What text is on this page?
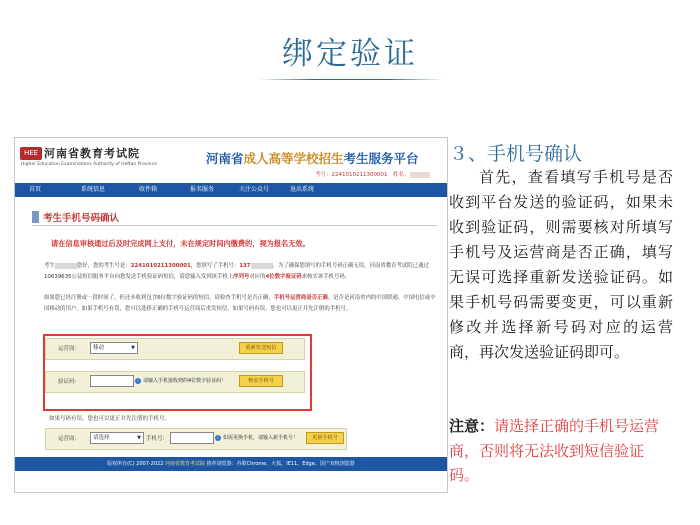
绑定验证
HEE 河南省教育考试院
Higher Education Examinations Authority of HeNan Province	河南省成人高等学校招生考生服务平台
考号：2241010211300001　姓名：
首页	系统信息	收件箱	报名服务	关注公众号	退出系统
考生手机号码确认
请在信息审核通过后及时完成网上支付，未在规定时间内缴费的，视为报名无效。
考生	您好，您的考生号是：2241010211300001，您填写了手机号：137	。为了确保您填写的手机号码正确无误，河南省教育考试院已通过10639635公益短信服务平台向您发送手机验证码短信，请您输入发到该手机上序列号对应的4位数字验证码来核实该手机号码。
如果您已经注册或一段时间了，但还未收到包含6位数字验证码的短信，请检查手机号是否正确，手机号运营商是否正确。是否是河南省内的中国联通、中国电信或中国移动的用户。如果手机号有误，您可以选择正确的手机号运营商后重发短信，如果号码有误，您也可以更正并先注册的手机号。
运营商：	移动	▼	重新发送短信
验证码：	i 请输入手机接收到的4位数字验证码！	核实手机号
如果号码有误，您也可以更正并先注册的手机号。
运营商：	请选择	▼ 手机号：	i 如需更换手机，请输入新手机号！	更新手机号
版权所有(C) 2007-2022 河南省教育考试院 推荐浏览器：谷歌Chrome、火狐、IE11、Edge、国产双核浏览器
３、手机号确认
首先，查看填写手机号是否收到平台发送的验证码，如果未收到验证码，则需要核对所填写手机号及运营商是否正确，填写无误可选择重新发送验证码。如果手机号码需要变更，可以重新修改并选择新号码对应的运营商，再次发送验证码即可。
注意：请选择正确的手机号运营商，否则将无法收到短信验证码。
